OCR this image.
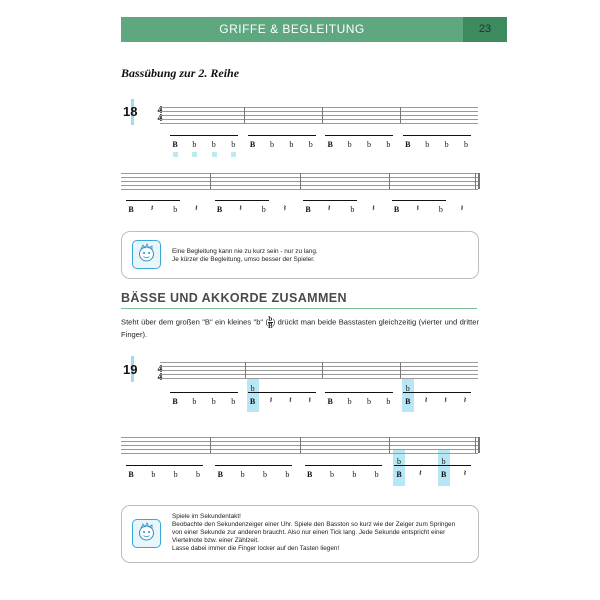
GRIFFE & BEGLEITUNG	23
Bassübung zur 2. Reihe
18 4
4
B	b	b	b	B	b	b	b	B	b	b	b	B	b	b	b
B 𝄽	b	𝄽	B 𝄽	b	𝄽	B 𝄽	b	𝄽	B 𝄽	b	𝄽
Eine Begleitung kann nie zu kurz sein - nur zu lang.
Je kürzer die Begleitung, umso besser der Spieler.
BÄSSE UND AKKORDE ZUSAMMEN
Steht über dem großen "B" ein kleines "b" ( $\frac{b}{B}$ ) drückt man beide Basstasten gleichzeitig (vierter und dritter Finger).
19 4
4
B	b	b	b	B 𝄽 𝄽 𝄽	B	b	b	b	B 𝄽 𝄽 𝄽
b	b
B	b	b	b	B	b	b	b	B	b	b	b	B 𝄽	B 𝄽
b	b
Spiele im Sekundentakt!
Beobachte den Sekundenzeiger einer Uhr. Spiele den Basston so kurz wie der Zeiger zum Springen
von einer Sekunde zur anderen braucht. Also nur einen Tick lang. Jede Sekunde entspricht einer
Viertelnote bzw. einer Zählzeit.
Lasse dabei immer die Finger locker auf den Tasten liegen!
